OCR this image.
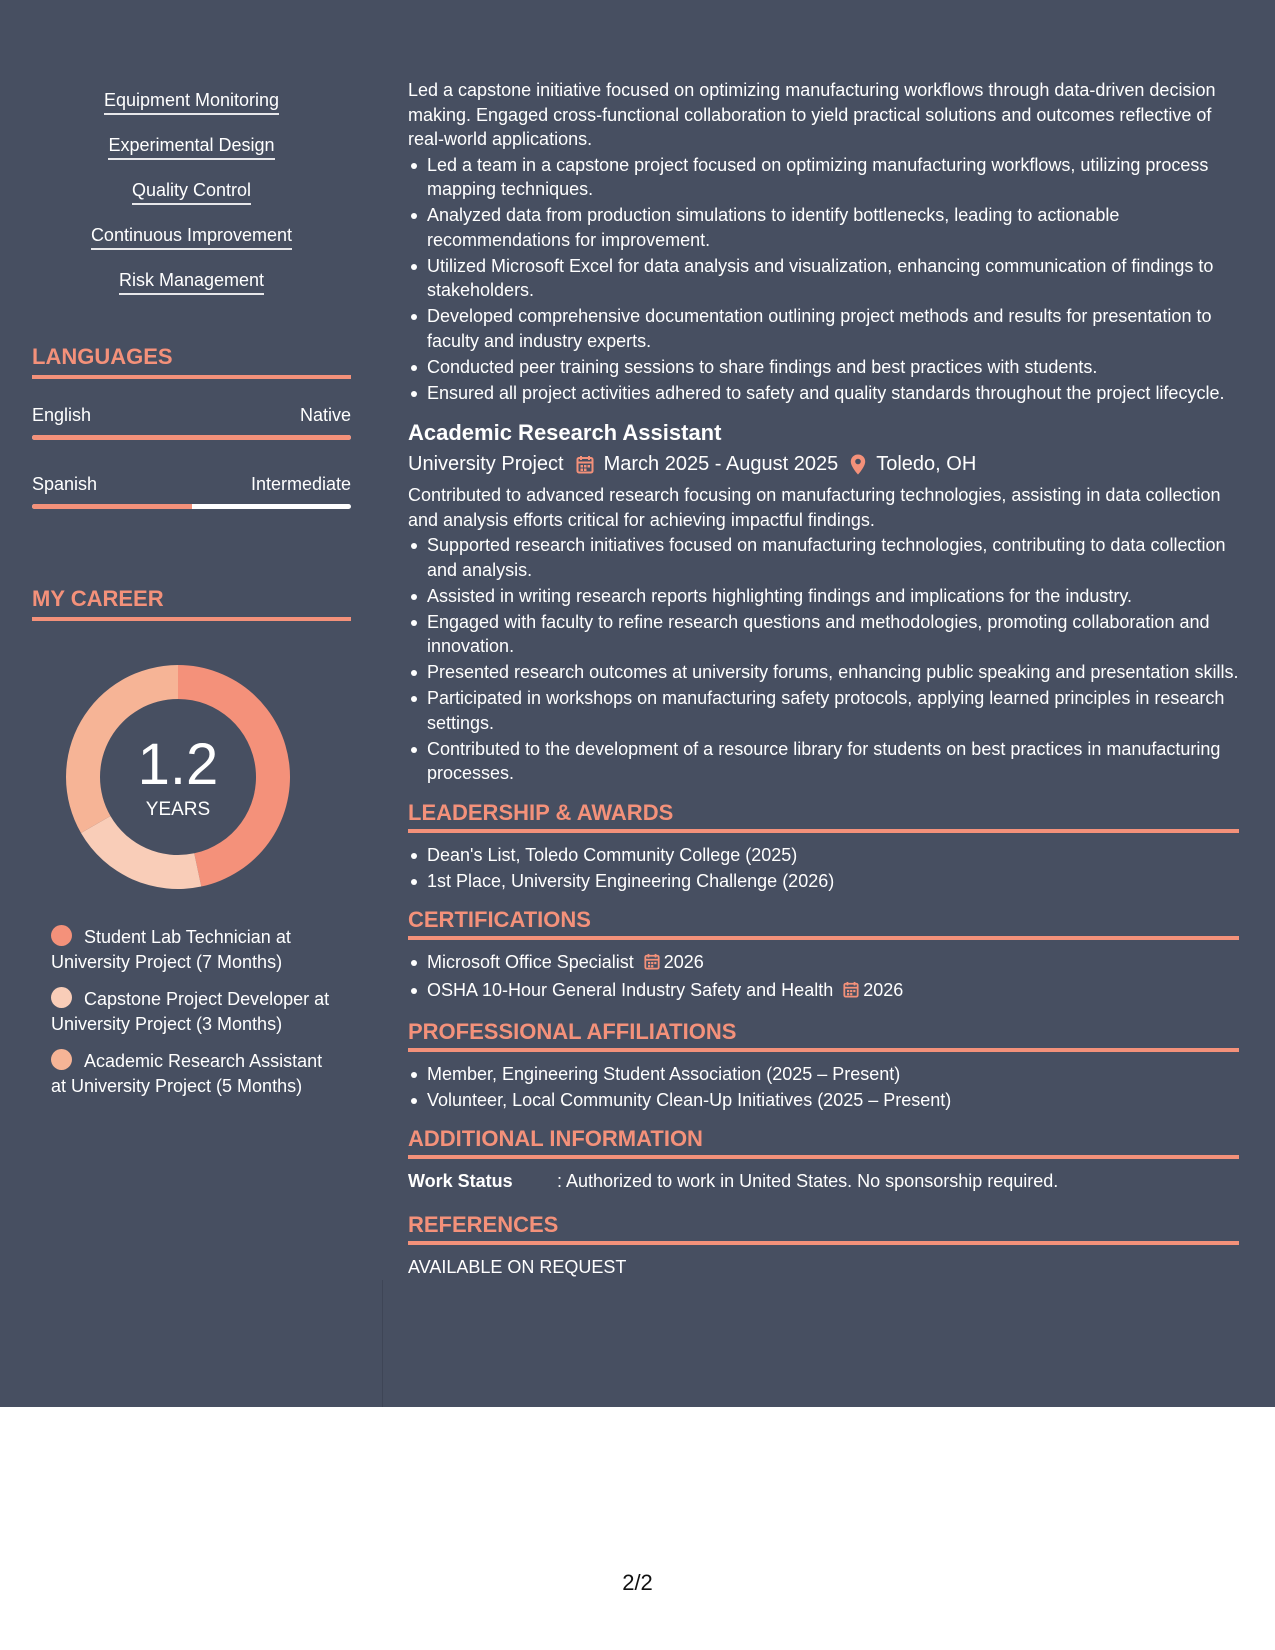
Equipment Monitoring
Experimental Design
Quality Control
Continuous Improvement
Risk Management
LANGUAGES
English	Native
Spanish	Intermediate
MY CAREER
1.2
YEARS
Student Lab Technician at University Project (7 Months)
Capstone Project Developer at University Project (3 Months)
Academic Research Assistant at University Project (5 Months)

Led a capstone initiative focused on optimizing manufacturing workflows through data-driven decision making. Engaged cross-functional collaboration to yield practical solutions and outcomes reflective of real-world applications.

Led a team in a capstone project focused on optimizing manufacturing workflows, utilizing process mapping techniques.
Analyzed data from production simulations to identify bottlenecks, leading to actionable recommendations for improvement.
Utilized Microsoft Excel for data analysis and visualization, enhancing communication of findings to stakeholders.
Developed comprehensive documentation outlining project methods and results for presentation to faculty and industry experts.
Conducted peer training sessions to share findings and best practices with students.
Ensured all project activities adhered to safety and quality standards throughout the project lifecycle.
Academic Research Assistant
University Project March 2025 - August 2025 Toledo, OH

Contributed to advanced research focusing on manufacturing technologies, assisting in data collection and analysis efforts critical for achieving impactful findings.

Supported research initiatives focused on manufacturing technologies, contributing to data collection and analysis.
Assisted in writing research reports highlighting findings and implications for the industry.
Engaged with faculty to refine research questions and methodologies, promoting collaboration and innovation.
Presented research outcomes at university forums, enhancing public speaking and presentation skills.
Participated in workshops on manufacturing safety protocols, applying learned principles in research settings.
Contributed to the development of a resource library for students on best practices in manufacturing processes.
LEADERSHIP & AWARDS
Dean's List, Toledo Community College (2025)
1st Place, University Engineering Challenge (2026)
CERTIFICATIONS
Microsoft Office Specialist 2026
OSHA 10-Hour General Industry Safety and Health 2026
PROFESSIONAL AFFILIATIONS
Member, Engineering Student Association (2025 – Present)
Volunteer, Local Community Clean-Up Initiatives (2025 – Present)
ADDITIONAL INFORMATION
Work Status	: Authorized to work in United States. No sponsorship required.
REFERENCES

AVAILABLE ON REQUEST

2/2
